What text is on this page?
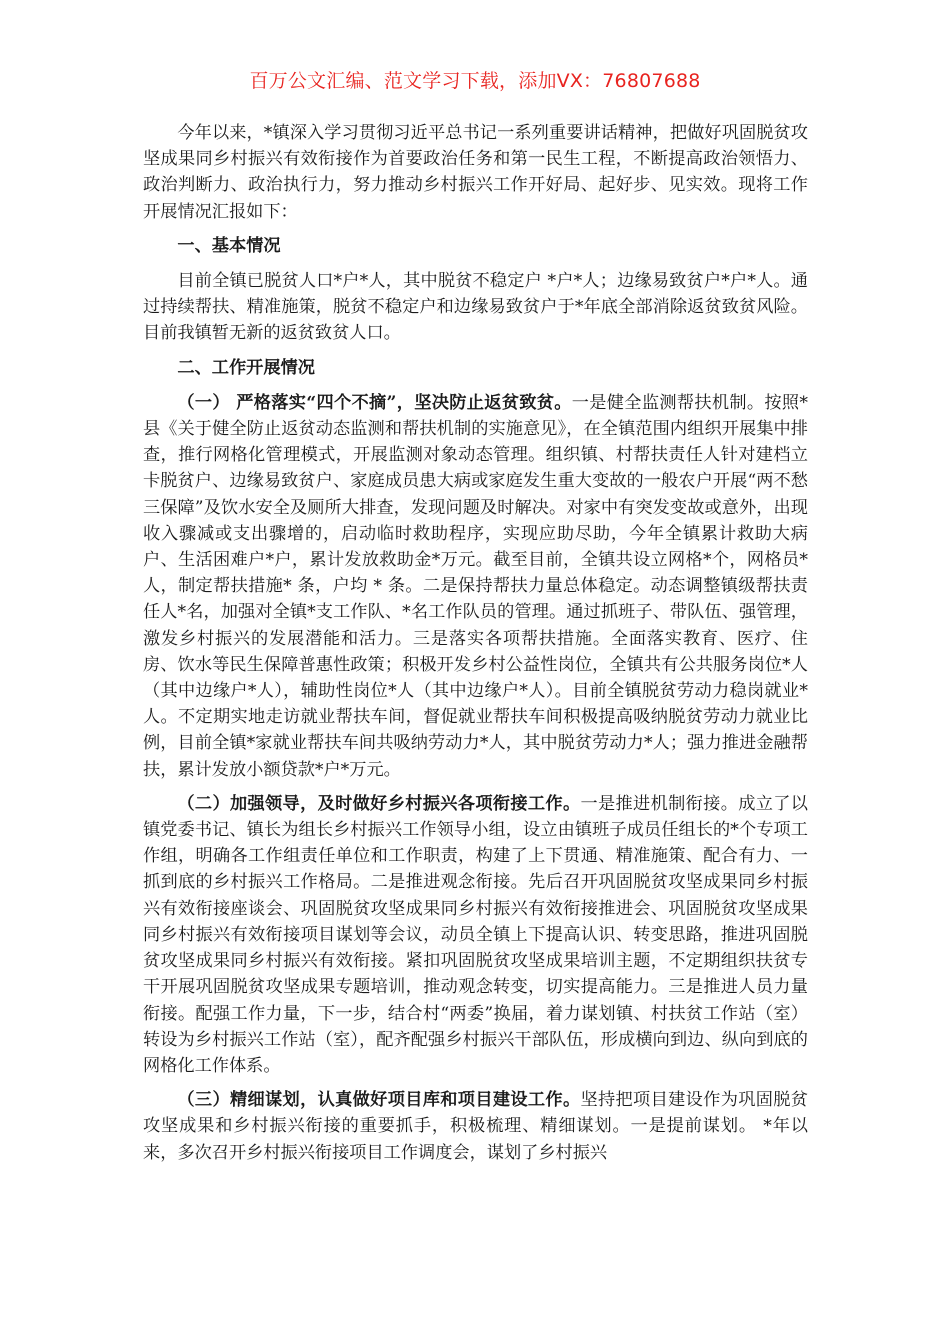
百万公文汇编、范文学习下载，添加VX：76807688

今年以来，*镇深入学习贯彻习近平总书记一系列重要讲话精神，把做好巩固脱贫攻坚成果同乡村振兴有效衔接作为首要政治任务和第一民生工程，不断提高政治领悟力、政治判断力、政治执行力，努力推动乡村振兴工作开好局、起好步、见实效。现将工作开展情况汇报如下：

一、基本情况

目前全镇已脱贫人口*户*人，其中脱贫不稳定户 *户*人；边缘易致贫户*户*人。通过持续帮扶、精准施策，脱贫不稳定户和边缘易致贫户于*年底全部消除返贫致贫风险。目前我镇暂无新的返贫致贫人口。

二、工作开展情况

（一） 严格落实“四个不摘”，坚决防止返贫致贫。一是健全监测帮扶机制。按照*县《关于健全防止返贫动态监测和帮扶机制的实施意见》，在全镇范围内组织开展集中排查，推行网格化管理模式，开展监测对象动态管理。组织镇、村帮扶责任人针对建档立卡脱贫户、边缘易致贫户、家庭成员患大病或家庭发生重大变故的一般农户开展“两不愁三保障”及饮水安全及厕所大排查，发现问题及时解决。对家中有突发变故或意外，出现收入骤减或支出骤增的，启动临时救助程序，实现应助尽助，今年全镇累计救助大病户、生活困难户*户，累计发放救助金*万元。截至目前，全镇共设立网格*个，网格员*人，制定帮扶措施* 条，户均 * 条。二是保持帮扶力量总体稳定。动态调整镇级帮扶责任人*名，加强对全镇*支工作队、*名工作队员的管理。通过抓班子、带队伍、强管理，激发乡村振兴的发展潜能和活力。三是落实各项帮扶措施。全面落实教育、医疗、住房、饮水等民生保障普惠性政策；积极开发乡村公益性岗位，全镇共有公共服务岗位*人（其中边缘户*人），辅助性岗位*人（其中边缘户*人）。目前全镇脱贫劳动力稳岗就业* 人。不定期实地走访就业帮扶车间，督促就业帮扶车间积极提高吸纳脱贫劳动力就业比例，目前全镇*家就业帮扶车间共吸纳劳动力*人，其中脱贫劳动力*人；强力推进金融帮扶，累计发放小额贷款*户*万元。

（二）加强领导，及时做好乡村振兴各项衔接工作。一是推进机制衔接。成立了以镇党委书记、镇长为组长乡村振兴工作领导小组，设立由镇班子成员任组长的*个专项工作组，明确各工作组责任单位和工作职责，构建了上下贯通、精准施策、配合有力、一抓到底的乡村振兴工作格局。二是推进观念衔接。先后召开巩固脱贫攻坚成果同乡村振兴有效衔接座谈会、巩固脱贫攻坚成果同乡村振兴有效衔接推进会、巩固脱贫攻坚成果同乡村振兴有效衔接项目谋划等会议，动员全镇上下提高认识、转变思路，推进巩固脱贫攻坚成果同乡村振兴有效衔接。紧扣巩固脱贫攻坚成果培训主题，不定期组织扶贫专干开展巩固脱贫攻坚成果专题培训，推动观念转变，切实提高能力。三是推进人员力量衔接。配强工作力量，下一步，结合村“两委”换届，着力谋划镇、村扶贫工作站（室）转设为乡村振兴工作站（室），配齐配强乡村振兴干部队伍，形成横向到边、纵向到底的网格化工作体系。

（三）精细谋划，认真做好项目库和项目建设工作。坚持把项目建设作为巩固脱贫攻坚成果和乡村振兴衔接的重要抓手，积极梳理、精细谋划。一是提前谋划。 *年以来，多次召开乡村振兴衔接项目工作调度会，谋划了乡村振兴
